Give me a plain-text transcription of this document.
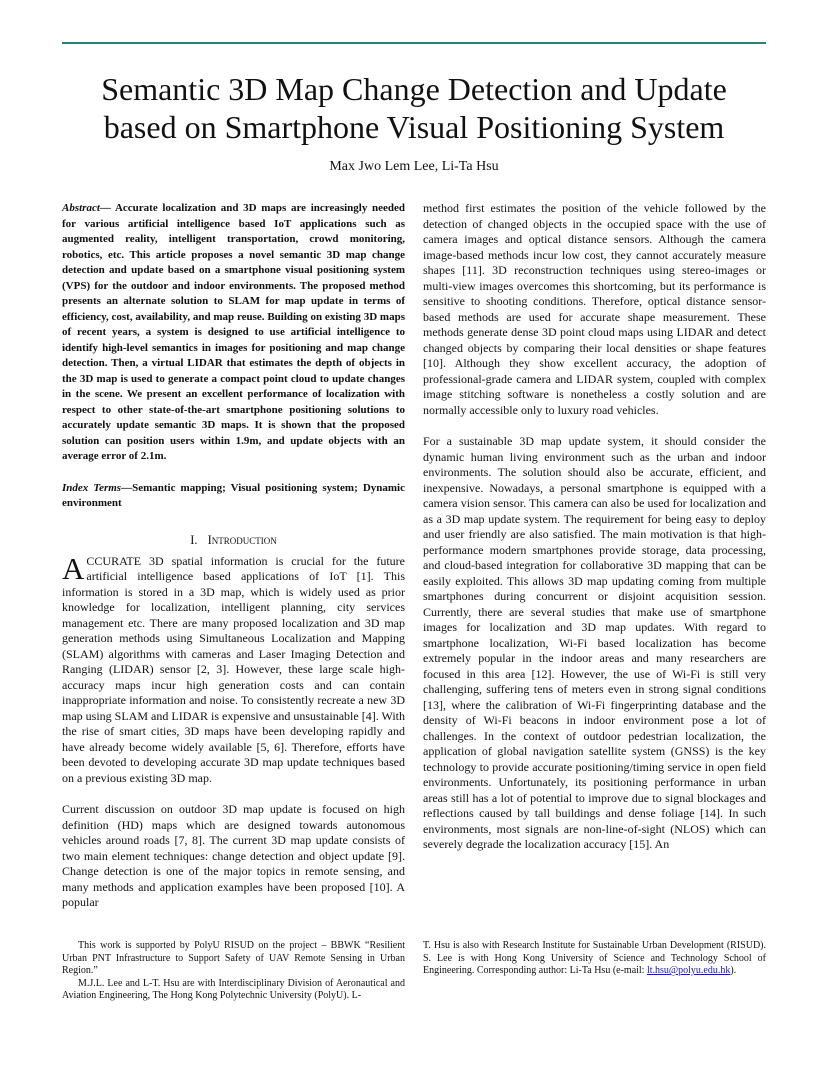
Semantic 3D Map Change Detection and Update based on Smartphone Visual Positioning System
Max Jwo Lem Lee, Li-Ta Hsu

Abstract— Accurate localization and 3D maps are increasingly needed for various artificial intelligence based IoT applications such as augmented reality, intelligent transportation, crowd monitoring, robotics, etc. This article proposes a novel semantic 3D map change detection and update based on a smartphone visual positioning system (VPS) for the outdoor and indoor environments. The proposed method presents an alternate solution to SLAM for map update in terms of efficiency, cost, availability, and map reuse. Building on existing 3D maps of recent years, a system is designed to use artificial intelligence to identify high-level semantics in images for positioning and map change detection. Then, a virtual LIDAR that estimates the depth of objects in the 3D map is used to generate a compact point cloud to update changes in the scene. We present an excellent performance of localization with respect to other state-of-the-art smartphone positioning solutions to accurately update semantic 3D maps. It is shown that the proposed solution can position users within 1.9m, and update objects with an average error of 2.1m.

Index Terms—Semantic mapping; Visual positioning system; Dynamic environment

I. Introduction

ACCURATE 3D spatial information is crucial for the future artificial intelligence based applications of IoT [1]. This information is stored in a 3D map, which is widely used as prior knowledge for localization, intelligent planning, city services management etc. There are many proposed localization and 3D map generation methods using Simultaneous Localization and Mapping (SLAM) algorithms with cameras and Laser Imaging Detection and Ranging (LIDAR) sensor [2, 3]. However, these large scale high-accuracy maps incur high generation costs and can contain inappropriate information and noise. To consistently recreate a new 3D map using SLAM and LIDAR is expensive and unsustainable [4]. With the rise of smart cities, 3D maps have been developing rapidly and have already become widely available [5, 6]. Therefore, efforts have been devoted to developing accurate 3D map update techniques based on a previous existing 3D map.

Current discussion on outdoor 3D map update is focused on high definition (HD) maps which are designed towards autonomous vehicles around roads [7, 8]. The current 3D map update consists of two main element techniques: change detection and object update [9]. Change detection is one of the major topics in remote sensing, and many methods and application examples have been proposed [10]. A popular

method first estimates the position of the vehicle followed by the detection of changed objects in the occupied space with the use of camera images and optical distance sensors. Although the camera image-based methods incur low cost, they cannot accurately measure shapes [11]. 3D reconstruction techniques using stereo-images or multi-view images overcomes this shortcoming, but its performance is sensitive to shooting conditions. Therefore, optical distance sensor-based methods are used for accurate shape measurement. These methods generate dense 3D point cloud maps using LIDAR and detect changed objects by comparing their local densities or shape features [10]. Although they show excellent accuracy, the adoption of professional-grade camera and LIDAR system, coupled with complex image stitching software is nonetheless a costly solution and are normally accessible only to luxury road vehicles.

For a sustainable 3D map update system, it should consider the dynamic human living environment such as the urban and indoor environments. The solution should also be accurate, efficient, and inexpensive. Nowadays, a personal smartphone is equipped with a camera vision sensor. This camera can also be used for localization and as a 3D map update system. The requirement for being easy to deploy and user friendly are also satisfied. The main motivation is that high-performance modern smartphones provide storage, data processing, and cloud-based integration for collaborative 3D mapping that can be easily exploited. This allows 3D map updating coming from multiple smartphones during concurrent or disjoint acquisition session. Currently, there are several studies that make use of smartphone images for localization and 3D map updates. With regard to smartphone localization, Wi-Fi based localization has become extremely popular in the indoor areas and many researchers are focused in this area [12]. However, the use of Wi-Fi is still very challenging, suffering tens of meters even in strong signal conditions [13], where the calibration of Wi-Fi fingerprinting database and the density of Wi-Fi beacons in indoor environment pose a lot of challenges. In the context of outdoor pedestrian localization, the application of global navigation satellite system (GNSS) is the key technology to provide accurate positioning/timing service in open field environments. Unfortunately, its positioning performance in urban areas still has a lot of potential to improve due to signal blockages and reflections caused by tall buildings and dense foliage [14]. In such environments, most signals are non-line-of-sight (NLOS) which can severely degrade the localization accuracy [15]. An

This work is supported by PolyU RISUD on the project – BBWK “Resilient Urban PNT Infrastructure to Support Safety of UAV Remote Sensing in Urban Region.”

M.J.L. Lee and L-T. Hsu are with Interdisciplinary Division of Aeronautical and Aviation Engineering, The Hong Kong Polytechnic University (PolyU). L-

T. Hsu is also with Research Institute for Sustainable Urban Development (RISUD). S. Lee is with Hong Kong University of Science and Technology School of Engineering. Corresponding author: Li-Ta Hsu (e-mail: lt.hsu@polyu.edu.hk).
